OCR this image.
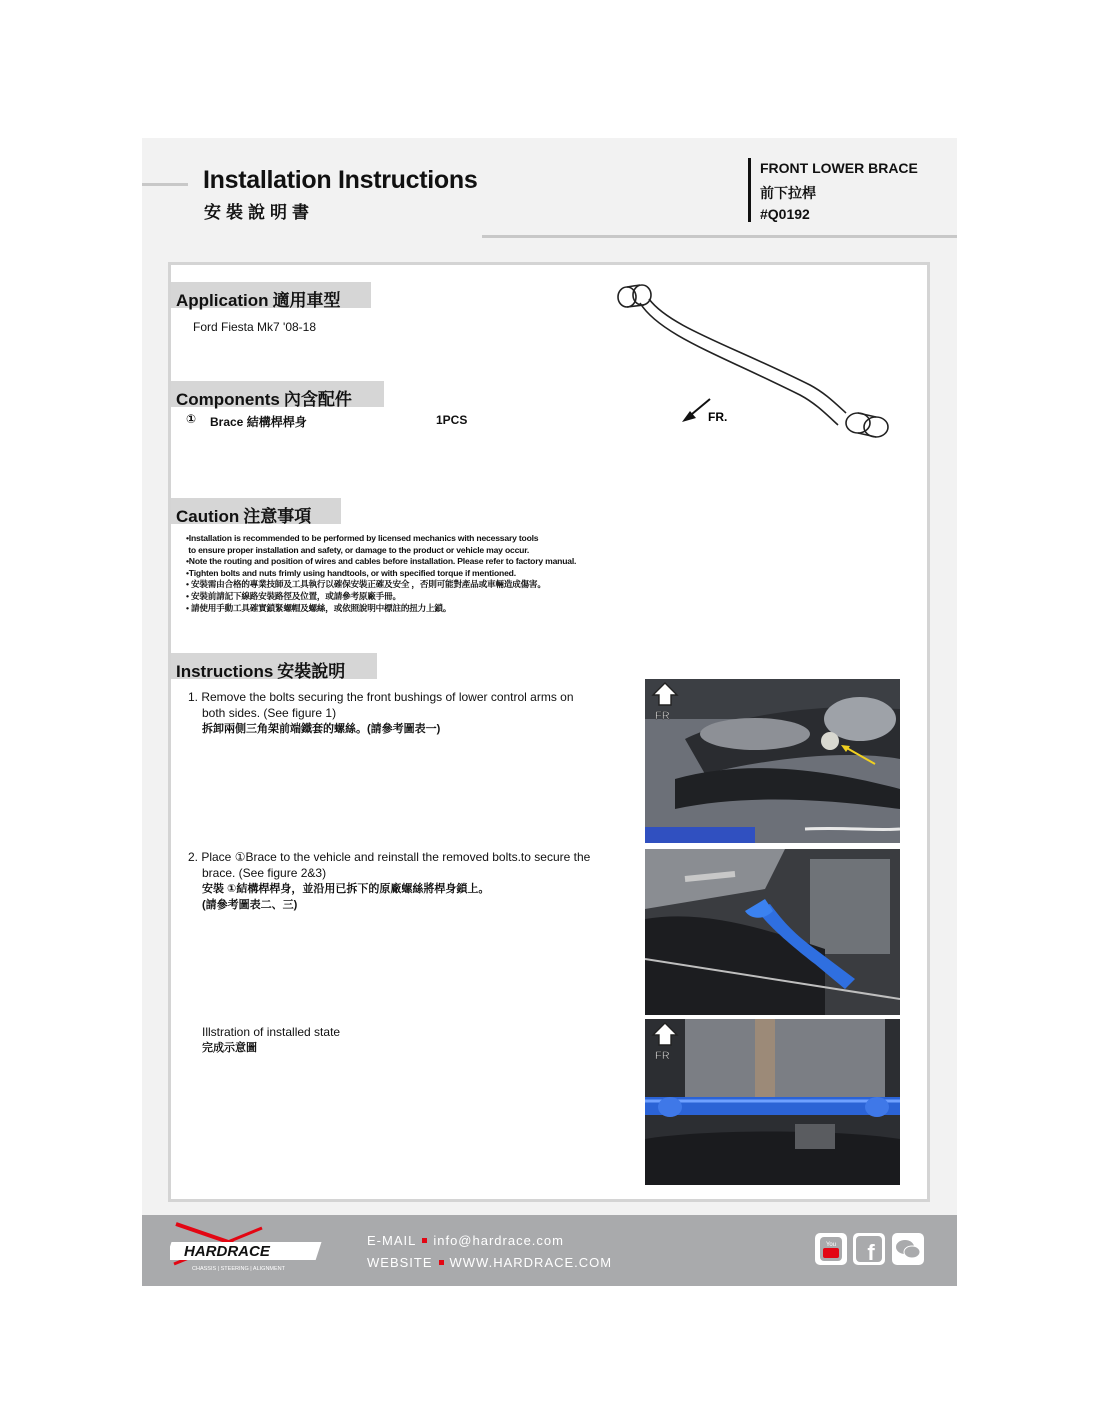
Installation Instructions
安裝說明書
FRONT LOWER BRACE
前下拉桿
#Q0192
Application 適用車型
Ford Fiesta Mk7 '08-18
FR.
Components 內含配件
① Brace 結構桿桿身	1PCS
Caution 注意事項
•Installation is recommended to be performed by licensed mechanics with necessary tools
to ensure proper installation and safety, or damage to the product or vehicle may occur.
•Note the routing and position of wires and cables before installation. Please refer to factory manual.
•Tighten bolts and nuts frimly using handtools, or with specified torque if mentioned.
• 安裝需由合格的專業技師及工具執行以確保安裝正確及安全 ，否則可能對產品或車輛造成傷害。
• 安裝前請記下線路安裝路徑及位置，或請參考原廠手冊。
• 請使用手動工具確實鎖緊螺帽及螺絲，或依照說明中標註的扭力上鎖。
Instructions 安裝說明

1. Remove the bolts securing the front bushings of lower control arms on

both sides. (See figure 1)

拆卸兩側三角架前端鐵套的螺絲。(請參考圖表一)

2. Place ①Brace to the vehicle and reinstall the removed bolts.to secure the

brace. (See figure 2&3)

安裝 ①結構桿桿身，並沿用已拆下的原廠螺絲將桿身鎖上。

(請參考圖表二、三)

Illstration of installed state

完成示意圖

FR
FR
HARDRACE
CHASSIS | STEERING | ALIGNMENT
E-MAIL info@hardrace.com
WEBSITE WWW.HARDRACE.COM
You f
